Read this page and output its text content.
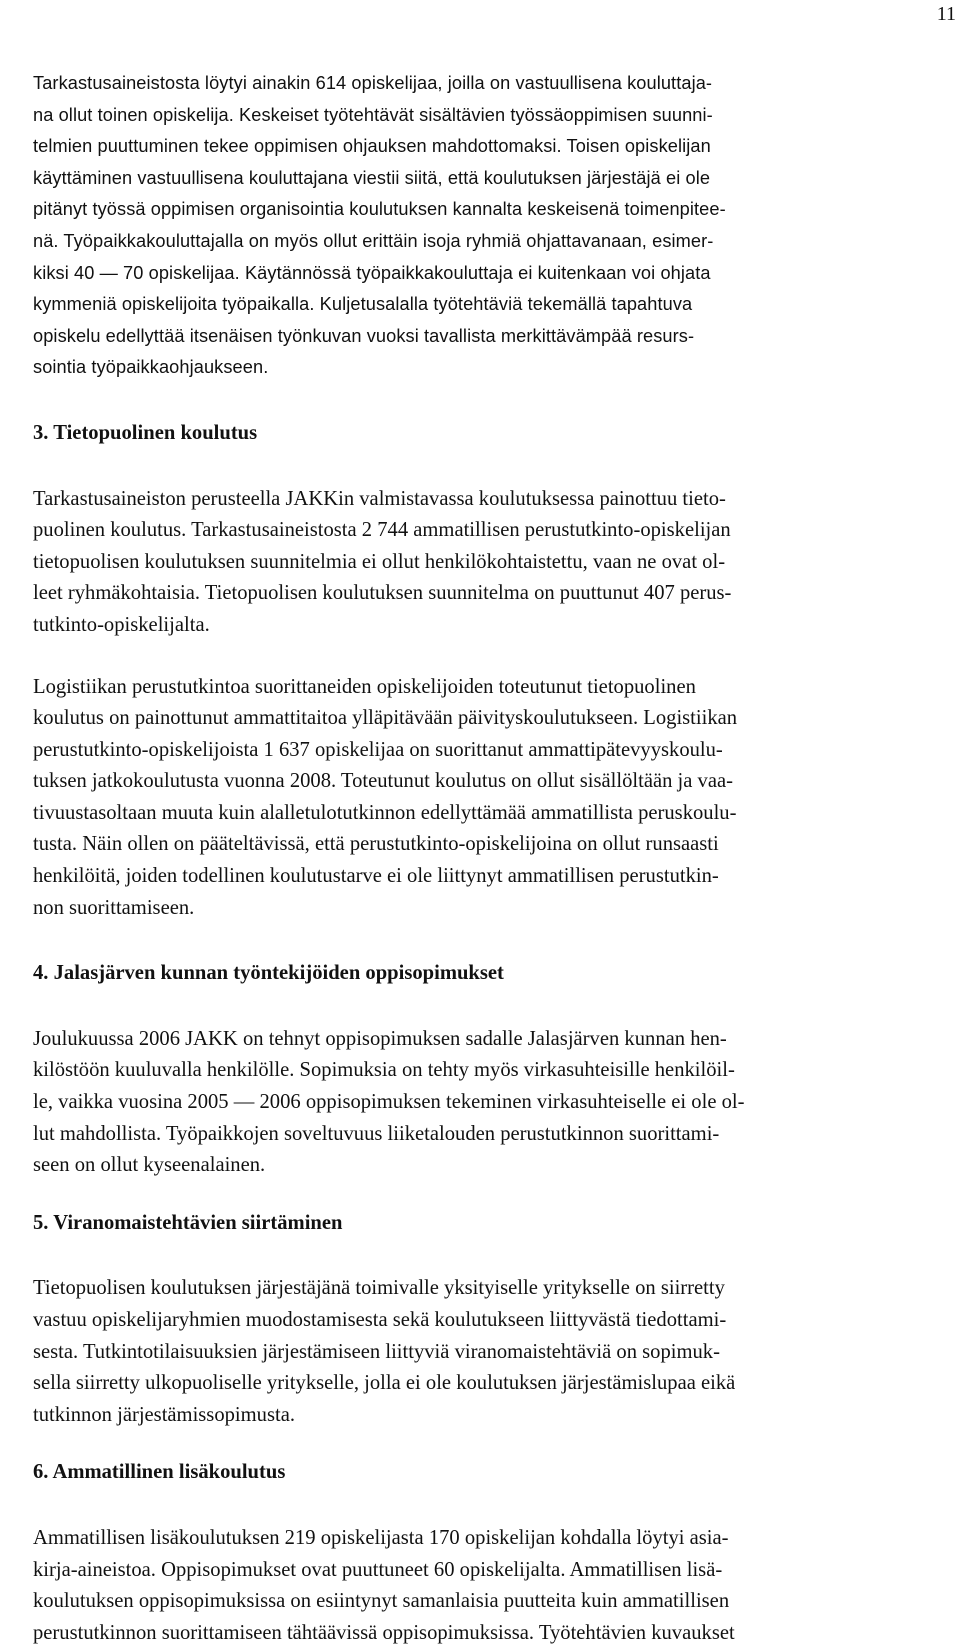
11
Tarkastusaineistosta löytyi ainakin 614 opiskelijaa, joilla on vastuullisena kouluttaja-
na ollut toinen opiskelija. Keskeiset työtehtävät sisältävien työssäoppimisen suunni-
telmien puuttuminen tekee oppimisen ohjauksen mahdottomaksi. Toisen opiskelijan
käyttäminen vastuullisena kouluttajana viestii siitä, että koulutuksen järjestäjä ei ole
pitänyt työssä oppimisen organisointia koulutuksen kannalta keskeisenä toimenpitee-
nä. Työpaikkakouluttajalla on myös ollut erittäin isoja ryhmiä ohjattavanaan, esimer-
kiksi 40 — 70 opiskelijaa. Käytännössä työpaikkakouluttaja ei kuitenkaan voi ohjata
kymmeniä opiskelijoita työpaikalla. Kuljetusalalla työtehtäviä tekemällä tapahtuva
opiskelu edellyttää itsenäisen työnkuvan vuoksi tavallista merkittävämpää resurs-
sointia työpaikkaohjaukseen.
3. Tietopuolinen koulutus
Tarkastusaineiston perusteella JAKKin valmistavassa koulutuksessa painottuu tieto-
puolinen koulutus. Tarkastusaineistosta 2 744 ammatillisen perustutkinto-opiskelijan
tietopuolisen koulutuksen suunnitelmia ei ollut henkilökohtaistettu, vaan ne ovat ol-
leet ryhmäkohtaisia. Tietopuolisen koulutuksen suunnitelma on puuttunut 407 perus-
tutkinto-opiskelijalta.
Logistiikan perustutkintoa suorittaneiden opiskelijoiden toteutunut tietopuolinen
koulutus on painottunut ammattitaitoa ylläpitävään päivityskoulutukseen. Logistiikan
perustutkinto-opiskelijoista 1 637 opiskelijaa on suorittanut ammattipätevyyskoulu-
tuksen jatkokoulutusta vuonna 2008. Toteutunut koulutus on ollut sisällöltään ja vaa-
tivuustasoltaan muuta kuin alalletulotutkinnon edellyttämää ammatillista peruskoulu-
tusta. Näin ollen on pääteltävissä, että perustutkinto-opiskelijoina on ollut runsaasti
henkilöitä, joiden todellinen koulutustarve ei ole liittynyt ammatillisen perustutkin-
non suorittamiseen.
4. Jalasjärven kunnan työntekijöiden oppisopimukset
Joulukuussa 2006 JAKK on tehnyt oppisopimuksen sadalle Jalasjärven kunnan hen-
kilöstöön kuuluvalla henkilölle. Sopimuksia on tehty myös virkasuhteisille henkilöil-
le, vaikka vuosina 2005 — 2006 oppisopimuksen tekeminen virkasuhteiselle ei ole ol-
lut mahdollista. Työpaikkojen soveltuvuus liiketalouden perustutkinnon suorittami-
seen on ollut kyseenalainen.
5. Viranomaistehtävien siirtäminen
Tietopuolisen koulutuksen järjestäjänä toimivalle yksityiselle yritykselle on siirretty
vastuu opiskelijaryhmien muodostamisesta sekä koulutukseen liittyvästä tiedottami-
sesta. Tutkintotilaisuuksien järjestämiseen liittyviä viranomaistehtäviä on sopimuk-
sella siirretty ulkopuoliselle yritykselle, jolla ei ole koulutuksen järjestämislupaa eikä
tutkinnon järjestämissopimusta.
6. Ammatillinen lisäkoulutus
Ammatillisen lisäkoulutuksen 219 opiskelijasta 170 opiskelijan kohdalla löytyi asia-
kirja-aineistoa. Oppisopimukset ovat puuttuneet 60 opiskelijalta. Ammatillisen lisä-
koulutuksen oppisopimuksissa on esiintynyt samanlaisia puutteita kuin ammatillisen
perustutkinnon suorittamiseen tähtäävissä oppisopimuksissa. Työtehtävien kuvaukset
